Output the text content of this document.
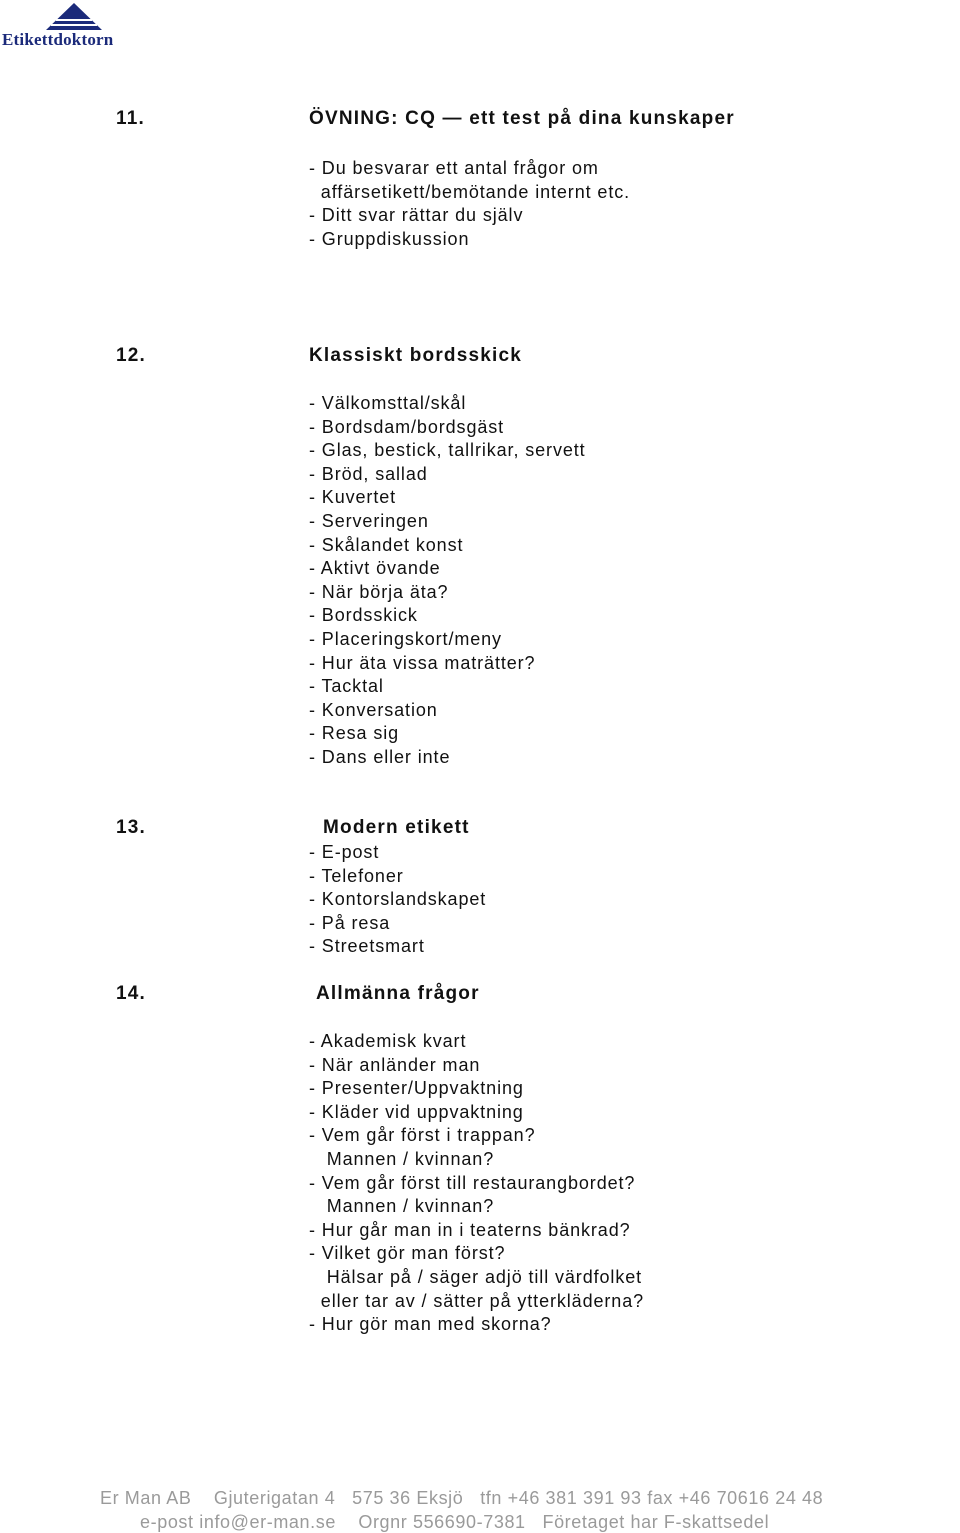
Etikettdoktorn
11.	ÖVNING: CQ — ett test på dina kunskaper
- Du besvarar ett antal frågor om
affärsetikett/bemötande internt etc.
- Ditt svar rättar du själv
- Gruppdiskussion
12.	Klassiskt bordsskick
- Välkomsttal/skål
- Bordsdam/bordsgäst
- Glas, bestick, tallrikar, servett
- Bröd, sallad
- Kuvertet
- Serveringen
- Skålandet konst
- Aktivt övande
- När börja äta?
- Bordsskick
- Placeringskort/meny
- Hur äta vissa maträtter?
- Tacktal
- Konversation
- Resa sig
- Dans eller inte
13.	Modern etikett
- E-post
- Telefoner
- Kontorslandskapet
- På resa
- Streetsmart
14.	Allmänna frågor
- Akademisk kvart
- När anländer man
- Presenter/Uppvaktning
- Kläder vid uppvaktning
- Vem går först i trappan?
Mannen / kvinnan?
- Vem går först till restaurangbordet?
Mannen / kvinnan?
- Hur går man in i teaterns bänkrad?
- Vilket gör man först?
Hälsar på / säger adjö till värdfolket
eller tar av / sätter på ytterkläderna?
- Hur gör man med skorna?
Er Man AB    Gjuterigatan 4   575 36 Eksjö   tfn +46 381 391 93 fax +46 70616 24 48
e-post info@er-man.se    Orgnr 556690-7381   Företaget har F-skattsedel
